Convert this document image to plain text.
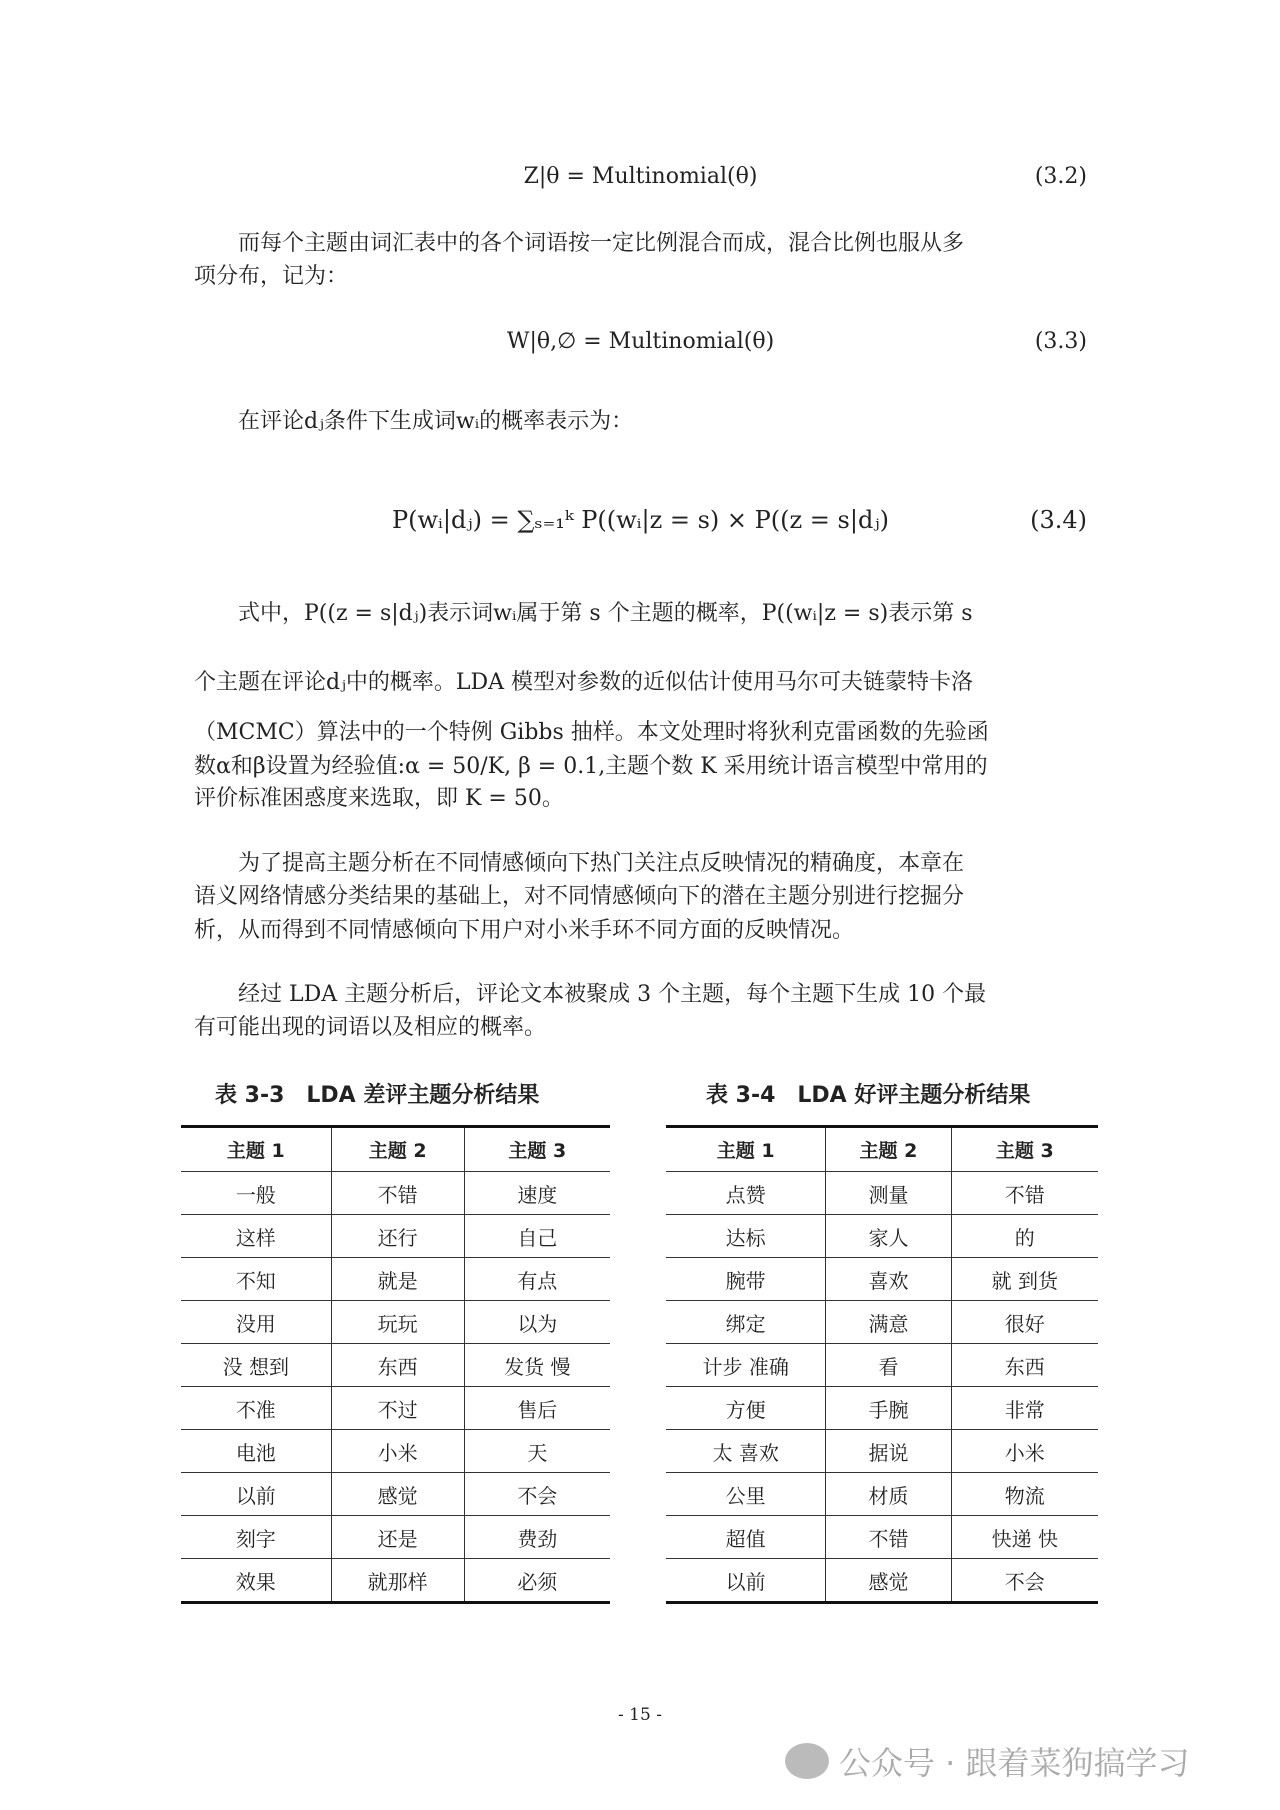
Z|θ = Multinomial(θ)	(3.2)
而每个主题由词汇表中的各个词语按一定比例混合而成，混合比例也服从多
项分布，记为：
W|θ,∅ = Multinomial(θ)	(3.3)
在评论dⱼ条件下生成词wᵢ的概率表示为：
P(wᵢ|dⱼ) = ∑ₛ₌₁ᵏ P((wᵢ|z = s) × P((z = s|dⱼ)	(3.4)
式中，P((z = s|dⱼ)表示词wᵢ属于第 s 个主题的概率，P((wᵢ|z = s)表示第 s
个主题在评论dⱼ中的概率。LDA 模型对参数的近似估计使用马尔可夫链蒙特卡洛
（MCMC）算法中的一个特例 Gibbs 抽样。本文处理时将狄利克雷函数的先验函
数α和β设置为经验值:α = 50/K, β = 0.1,主题个数 K 采用统计语言模型中常用的
评价标准困惑度来选取，即 K = 50。
为了提高主题分析在不同情感倾向下热门关注点反映情况的精确度，本章在
语义网络情感分类结果的基础上，对不同情感倾向下的潜在主题分别进行挖掘分
析，从而得到不同情感倾向下用户对小米手环不同方面的反映情况。
经过 LDA 主题分析后，评论文本被聚成 3 个主题，每个主题下生成 10 个最
有可能出现的词语以及相应的概率。
表 3-3　LDA 差评主题分析结果	表 3-4　LDA 好评主题分析结果
主题 1	主题 2	主题 3
一般	不错	速度
这样	还行	自己
不知	就是	有点
没用	玩玩	以为
没 想到	东西	发货 慢
不准	不过	售后
电池	小米	天
以前	感觉	不会
刻字	还是	费劲
效果	就那样	必须
主题 1	主题 2	主题 3
点赞	测量	不错
达标	家人	的
腕带	喜欢	就 到货
绑定	满意	很好
计步 准确	看	东西
方便	手腕	非常
太 喜欢	据说	小米
公里	材质	物流
超值	不错	快递 快
以前	感觉	不会
- 15 -
公众号 · 跟着菜狗搞学习
